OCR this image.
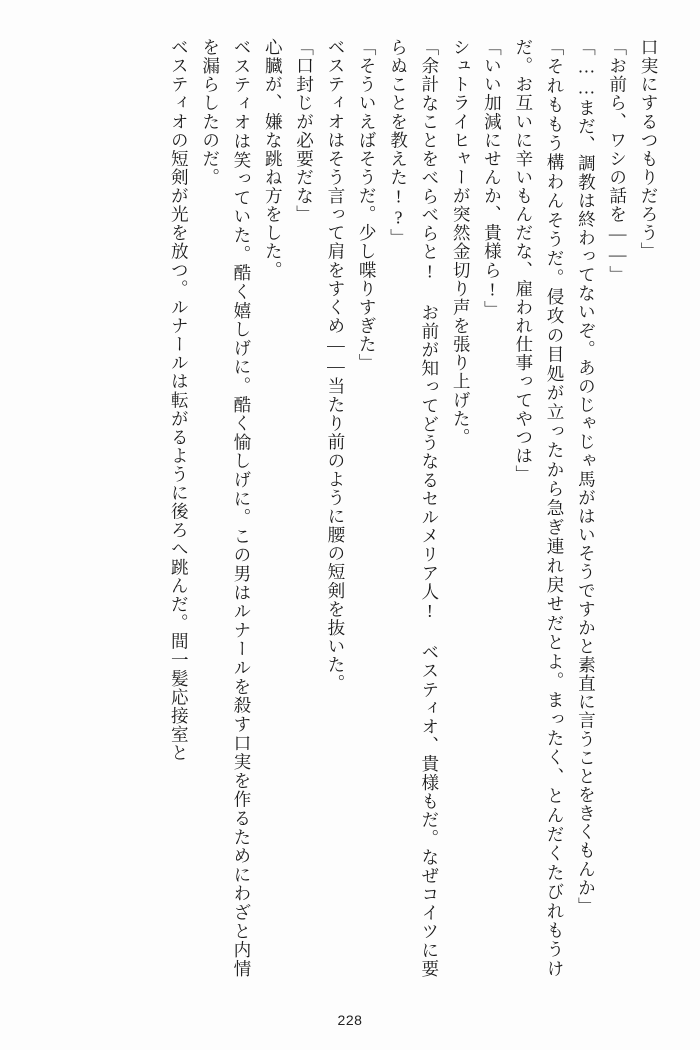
口実にするつもりだろう」

「お前ら、ワシの話を――」

「……まだ、調教は終わってないぞ。あのじゃじゃ馬がはいそうですかと素直に言うことをきくもんか」

「それももう構わんそうだ。侵攻の目処が立ったから急ぎ連れ戻せだとよ。まったく、とんだくたびれもうけだ。お互いに辛いもんだな、雇われ仕事ってやつは」

「いい加減にせんか、貴様ら!」

シュトライヒャーが突然金切り声を張り上げた。

「余計なことをべらべらと! お前が知ってどうなるセルメリア人! ベスティオ、貴様もだ。なぜコイツに要らぬことを教えた!?」

「そういえばそうだ。少し喋りすぎた」

ベスティオはそう言って肩をすくめ――当たり前のように腰の短剣を抜いた。

「口封じが必要だな」

心臓が、嫌な跳ね方をした。

ベスティオは笑っていた。酷く嬉しげに。酷く愉しげに。この男はルナールを殺す口実を作るためにわざと内情を漏らしたのだ。

ベスティオの短剣が光を放つ。ルナールは転がるように後ろへ跳んだ。間一髪応接室と

228
